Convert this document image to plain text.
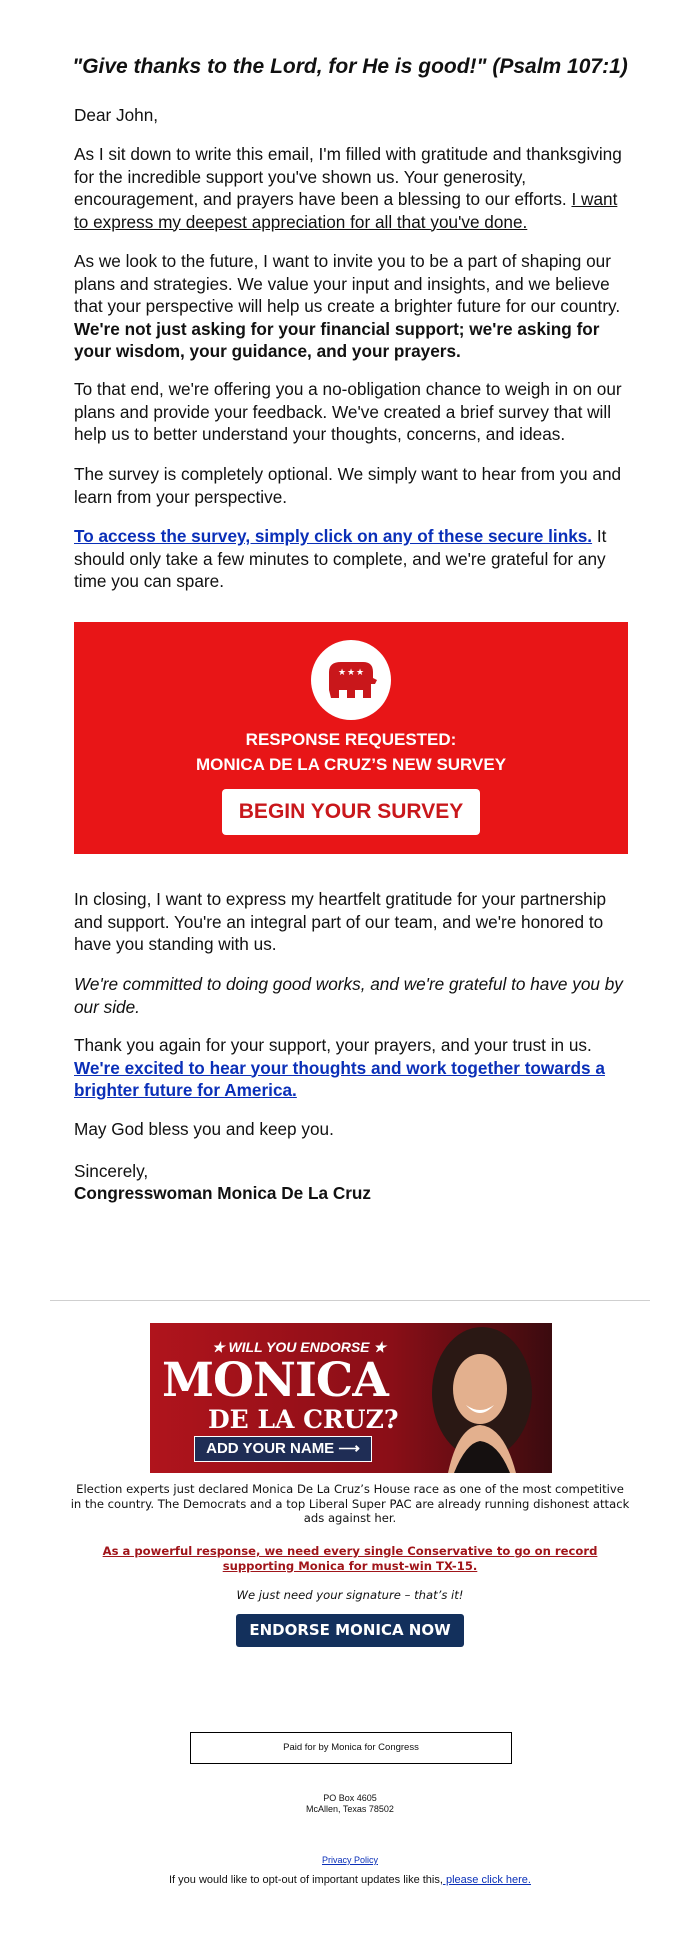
"Give thanks to the Lord, for He is good!" (Psalm 107:1)

Dear John,

As I sit down to write this email, I'm filled with gratitude and thanksgiving for the incredible support you've shown us. Your generosity, encouragement, and prayers have been a blessing to our efforts. I want to express my deepest appreciation for all that you've done.

As we look to the future, I want to invite you to be a part of shaping our plans and strategies. We value your input and insights, and we believe that your perspective will help us create a brighter future for our country. We're not just asking for your financial support; we're asking for your wisdom, your guidance, and your prayers.

To that end, we're offering you a no-obligation chance to weigh in on our plans and provide your feedback. We've created a brief survey that will help us to better understand your thoughts, concerns, and ideas.

The survey is completely optional. We simply want to hear from you and learn from your perspective.

To access the survey, simply click on any of these secure links. It should only take a few minutes to complete, and we're grateful for any time you can spare.

In closing, I want to express my heartfelt gratitude for your partnership and support. You're an integral part of our team, and we're honored to have you standing with us.

We're committed to doing good works, and we're grateful to have you by our side.

Thank you again for your support, your prayers, and your trust in us. We're excited to hear your thoughts and work together towards a brighter future for America.

May God bless you and keep you.

Sincerely,

Congresswoman Monica De La Cruz

★ ★ ★
RESPONSE REQUESTED:
MONICA DE LA CRUZ’S NEW SURVEY
BEGIN YOUR SURVEY
★ WILL YOU ENDORSE ★
MONICA
DE LA CRUZ?
ADD YOUR NAME ⟶
Election experts just declared Monica De La Cruz’s House race as one of the most competitive in the country. The Democrats and a top Liberal Super PAC are already running dishonest attack ads against her.
As a powerful response, we need every single Conservative to go on record supporting Monica for must-win TX-15.
We just need your signature – that’s it!
ENDORSE MONICA NOW
Paid for by Monica for Congress
PO Box 4605
McAllen, Texas 78502
Privacy Policy
If you would like to opt-out of important updates like this, please click here.
